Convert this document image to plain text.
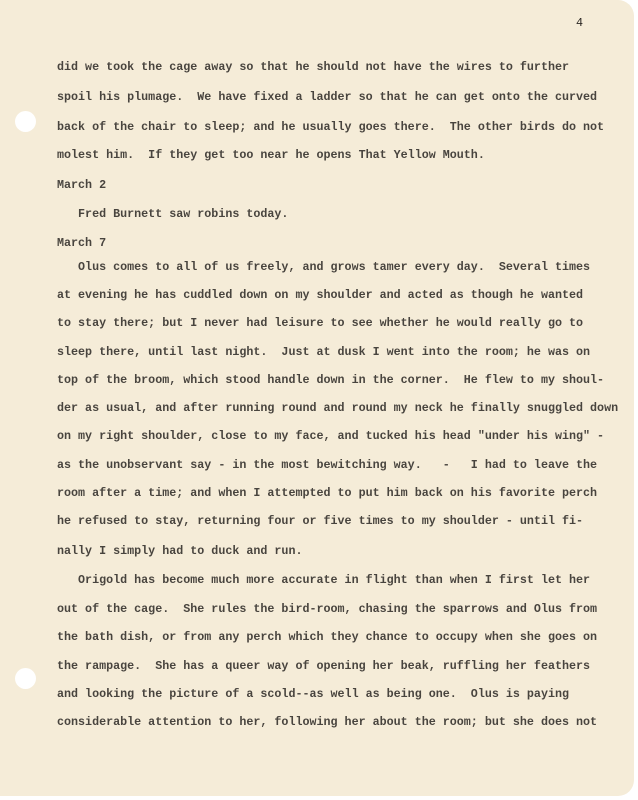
4
did we took the cage away so that he should not have the wires to further
spoil his plumage.  We have fixed a ladder so that he can get onto the curved
back of the chair to sleep; and he usually goes there.  The other birds do not
molest him.  If they get too near he opens That Yellow Mouth.
March 2
Fred Burnett saw robins today.
March 7
Olus comes to all of us freely, and grows tamer every day.  Several times
at evening he has cuddled down on my shoulder and acted as though he wanted
to stay there; but I never had leisure to see whether he would really go to
sleep there, until last night.  Just at dusk I went into the room; he was on
top of the broom, which stood handle down in the corner.  He flew to my shoul-
der as usual, and after running round and round my neck he finally snuggled down
on my right shoulder, close to my face, and tucked his head "under his wing" -
as the unobservant say - in the most bewitching way.   -   I had to leave the
room after a time; and when I attempted to put him back on his favorite perch
he refused to stay, returning four or five times to my shoulder - until fi-
nally I simply had to duck and run.
Origold has become much more accurate in flight than when I first let her
out of the cage.  She rules the bird-room, chasing the sparrows and Olus from
the bath dish, or from any perch which they chance to occupy when she goes on
the rampage.  She has a queer way of opening her beak, ruffling her feathers
and looking the picture of a scold--as well as being one.  Olus is paying
considerable attention to her, following her about the room; but she does not
